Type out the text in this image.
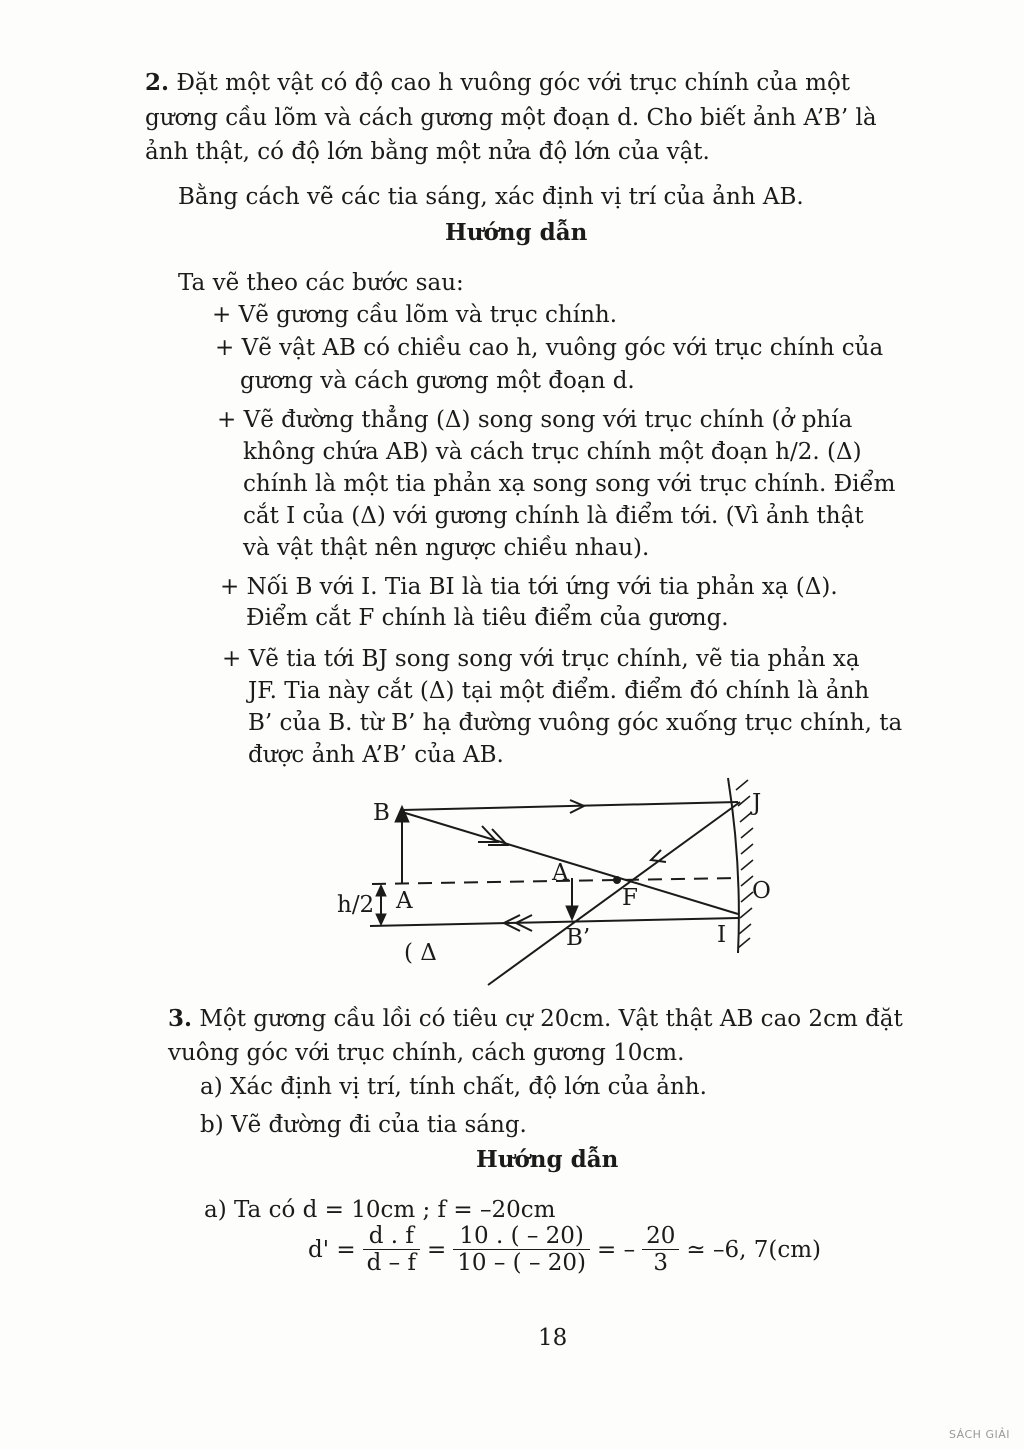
2. Đặt một vật có độ cao h vuông góc với trục chính của một
gương cầu lõm và cách gương một đoạn d. Cho biết ảnh A’B’ là
ảnh thật, có độ lớn bằng một nửa độ lớn của vật.
Bằng cách vẽ các tia sáng, xác định vị trí của ảnh AB.
Hướng dẫn
Ta vẽ theo các bước sau:
+ Vẽ gương cầu lõm và trục chính.
+ Vẽ vật AB có chiều cao h, vuông góc với trục chính của
gương và cách gương một đoạn d.
+ Vẽ đường thẳng (Δ) song song với trục chính (ở phía
không chứa AB) và cách trục chính một đoạn h/2. (Δ)
chính là một tia phản xạ song song với trục chính. Điểm
cắt I của (Δ) với gương chính là điểm tới. (Vì ảnh thật
và vật thật nên ngược chiều nhau).
+ Nối B với I. Tia BI là tia tới ứng với tia phản xạ (Δ).
Điểm cắt F chính là tiêu điểm của gương.
+ Vẽ tia tới BJ song song với trục chính, vẽ tia phản xạ
JF. Tia này cắt (Δ) tại một điểm. điểm đó chính là ảnh
B’ của B. từ B’ hạ đường vuông góc xuống trục chính, ta
được ảnh A’B’ của AB.
B	J
A
h/2 A	F	O
B’	I
( Δ
3. Một gương cầu lồi có tiêu cự 20cm. Vật thật AB cao 2cm đặt
vuông góc với trục chính, cách gương 10cm.
a) Xác định vị trí, tính chất, độ lớn của ảnh.
b) Vẽ đường đi của tia sáng.
Hướng dẫn
a) Ta có d = 10cm ; f = –20cm
$d' = \frac{d . f}{d - f} = \frac{10 . ( - 20)}{10 - ( - 20)}$ = – $\frac{20}{3}$ ≃ –6, 7(cm)
18
SÁCH GIẢI
